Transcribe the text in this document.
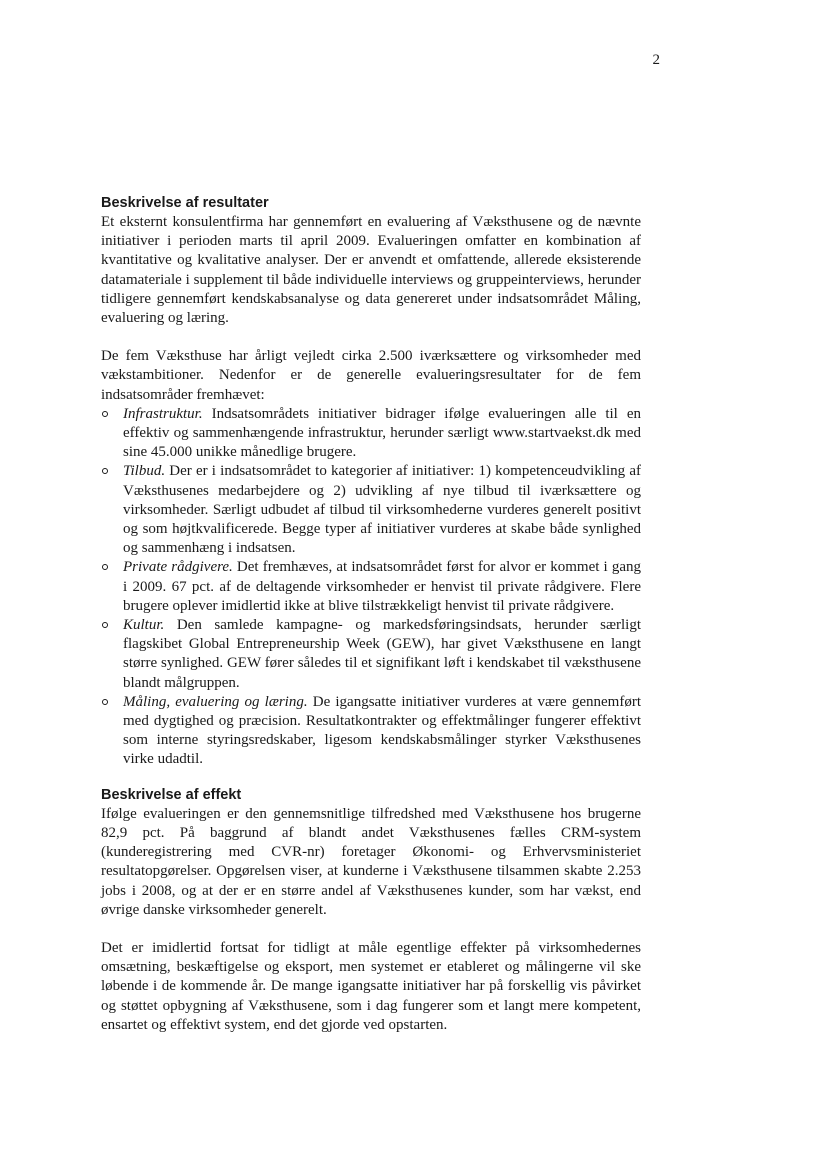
2
Beskrivelse af resultater

Et eksternt konsulentfirma har gennemført en evaluering af Væksthusene og de nævnte initiativer i perioden marts til april 2009. Evalueringen omfatter en kombination af kvantitative og kvalitative analyser. Der er anvendt et omfattende, allerede eksisterende datamateriale i supplement til både individuelle interviews og gruppeinterviews, herunder tidligere gennemført kendskabsanalyse og data genereret under indsatsområdet Måling, evaluering og læring.

De fem Væksthuse har årligt vejledt cirka 2.500 iværksættere og virksomheder med vækstambitioner. Nedenfor er de generelle evalueringsresultater for de fem indsatsområder fremhævet:

Infrastruktur. Indsatsområdets initiativer bidrager ifølge evalueringen alle til en effektiv og sammenhængende infrastruktur, herunder særligt www.startvaekst.dk med sine 45.000 unikke månedlige brugere.
Tilbud. Der er i indsatsområdet to kategorier af initiativer: 1) kompetenceudvikling af Væksthusenes medarbejdere og 2) udvikling af nye tilbud til iværksættere og virksomheder. Særligt udbudet af tilbud til virksomhederne vurderes generelt positivt og som højtkvalificerede. Begge typer af initiativer vurderes at skabe både synlighed og sammenhæng i indsatsen.
Private rådgivere. Det fremhæves, at indsatsområdet først for alvor er kommet i gang i 2009. 67 pct. af de deltagende virksomheder er henvist til private rådgivere. Flere brugere oplever imidlertid ikke at blive tilstrækkeligt henvist til private rådgivere.
Kultur. Den samlede kampagne- og markedsføringsindsats, herunder særligt flagskibet Global Entrepreneurship Week (GEW), har givet Væksthusene en langt større synlighed. GEW fører således til et signifikant løft i kendskabet til væksthusene blandt målgruppen.
Måling, evaluering og læring. De igangsatte initiativer vurderes at være gennemført med dygtighed og præcision. Resultatkontrakter og effektmålinger fungerer effektivt som interne styringsredskaber, ligesom kendskabsmålinger styrker Væksthusenes virke udadtil.
Beskrivelse af effekt

Ifølge evalueringen er den gennemsnitlige tilfredshed med Væksthusene hos brugerne 82,9 pct. På baggrund af blandt andet Væksthusenes fælles CRM-system (kunderegistrering med CVR-nr) foretager Økonomi- og Erhvervsministeriet resultatopgørelser. Opgørelsen viser, at kunderne i Væksthusene tilsammen skabte 2.253 jobs i 2008, og at der er en større andel af Væksthusenes kunder, som har vækst, end øvrige danske virksomheder generelt.

Det er imidlertid fortsat for tidligt at måle egentlige effekter på virksomhedernes omsætning, beskæftigelse og eksport, men systemet er etableret og målingerne vil ske løbende i de kommende år. De mange igangsatte initiativer har på forskellig vis påvirket og støttet opbygning af Væksthusene, som i dag fungerer som et langt mere kompetent, ensartet og effektivt system, end det gjorde ved opstarten.
